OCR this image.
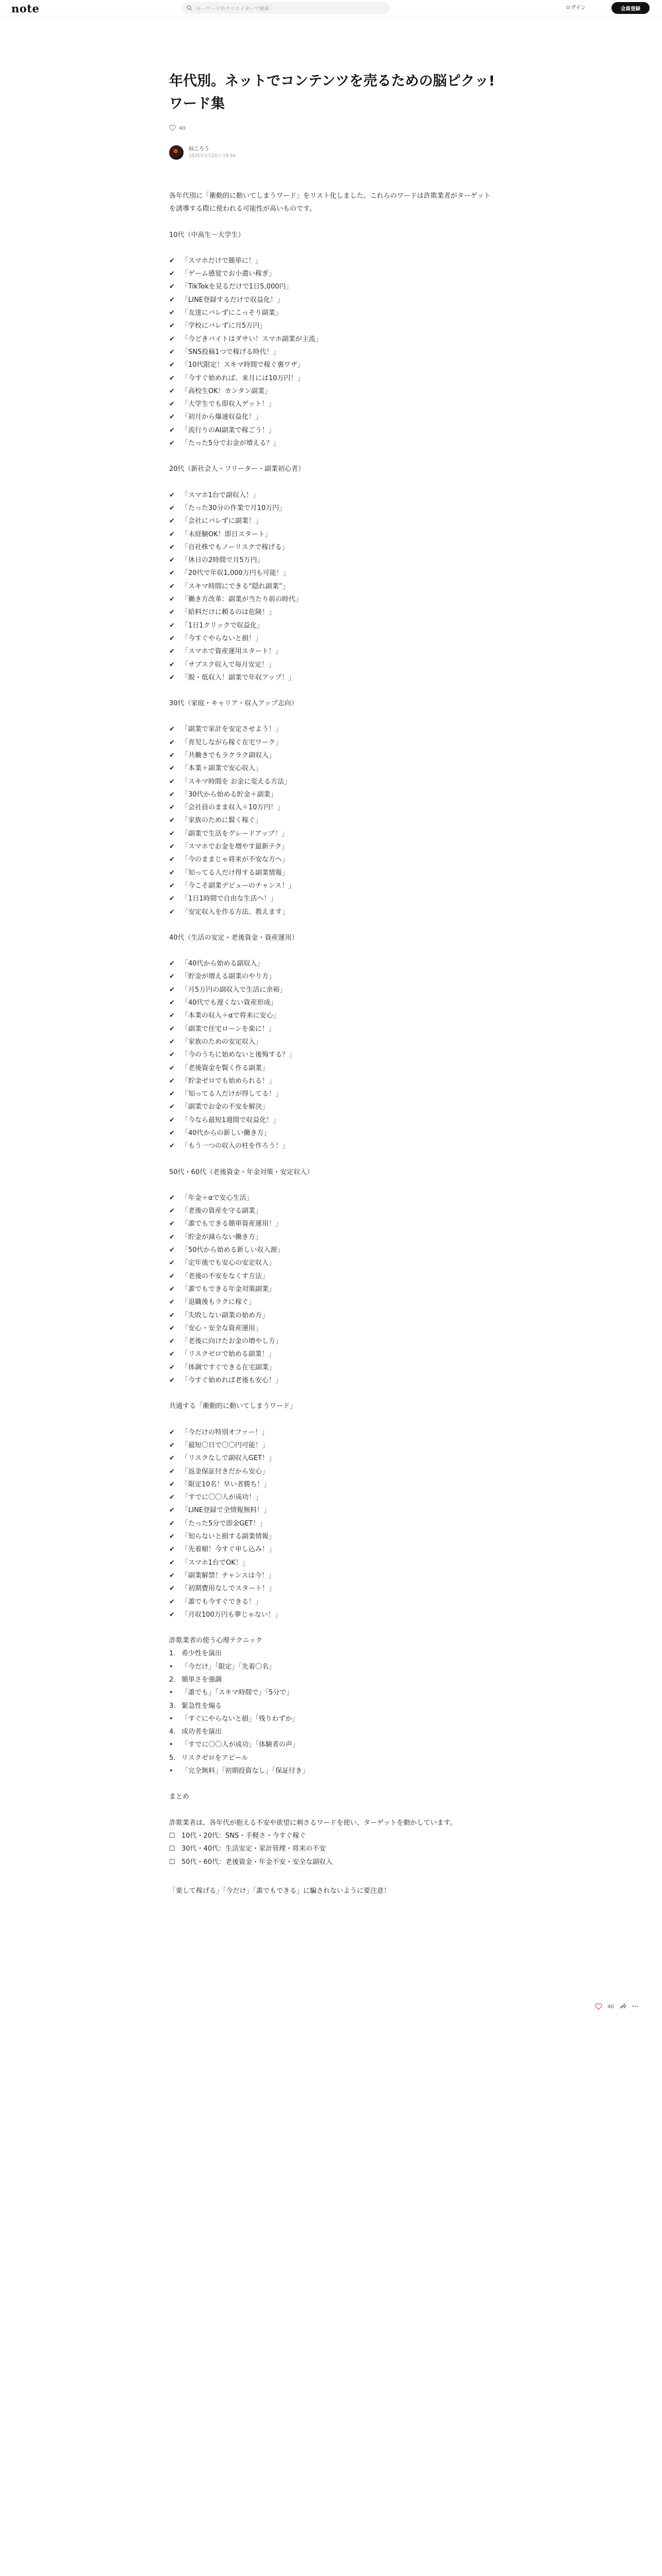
note	キーワードやクリエイターで検索	ログイン	会員登録
年代別。ネットでコンテンツを売るための脳ピクッ!ワード集
40
仙ころう
2025年3月20日 19:54

各年代別に「衝動的に動いてしまうワード」をリスト化しました。これらのワードは許欺業者がターゲットを誘導する際に使われる可能性が高いものです。

10代（中高生〜大学生）
✔	「スマホだけで簡単に！」
✔	「ゲーム感覚でお小遣い稼ぎ」
✔	「TikTokを見るだけで1日5,000円」
✔	「LINE登録するだけで収益化！」
✔	「友達にバレずにこっそり副業」
✔	「学校にバレずに月5万円」
✔	「今どきバイトはダサい！スマホ副業が主流」
✔	「SNS投稿1つで稼げる時代！」
✔	「10代限定！スキマ時間で稼ぐ裏ワザ」
✔	「今すぐ始めれば、来月には10万円！」
✔	「高校生OK！カンタン副業」
✔	「大学生でも即収入ゲット！」
✔	「初月から爆速収益化！」
✔	「流行りのAI副業で稼ごう！」
✔	「たった5分でお金が増える？」
20代（新社会人・フリーター・副業初心者）
✔	「スマホ1台で副収入！」
✔	「たった30分の作業で月10万円」
✔	「会社にバレずに副業！」
✔	「未経験OK！即日スタート」
✔	「自社株でもノーリスクで稼げる」
✔	「休日の2時間で月5万円」
✔	「20代で年収1,000万円も可能！」
✔	「スキマ時間にできる“隠れ副業”」
✔	「働き方改革：副業が当たり前の時代」
✔	「給料だけに頼るのは危険！」
✔	「1日1クリックで収益化」
✔	「今すぐやらないと損！」
✔	「スマホで資産運用スタート！」
✔	「サブスク収入で毎月安定！」
✔	「脱・低収入！副業で年収アップ！」
30代（家庭・キャリア・収入アップ志向）
✔	「副業で家計を安定させよう！」
✔	「育児しながら稼ぐ在宅ワーク」
✔	「共働きでもラクラク副収入」
✔	「本業＋副業で安心収入」
✔	「スキマ時間を お金に変える方法」
✔	「30代から始める貯金＋副業」
✔	「会社員のまま収入＋10万円！」
✔	「家族のために賢く稼ぐ」
✔	「副業で生活をグレードアップ！」
✔	「スマホでお金を増やす最新テク」
✔	「今のままじゃ将来が不安な方へ」
✔	「知ってる人だけ得する副業情報」
✔	「今こそ副業デビューのチャンス！」
✔	「1日1時間で自由な生活へ！」
✔	「安定収入を作る方法、教えます」
40代（生活の安定・老後資金・資産運用）
✔	「40代から始める副収入」
✔	「貯金が増える副業のやり方」
✔	「月5万円の副収入で生活に余裕」
✔	「40代でも遅くない資産形成」
✔	「本業の収入＋αで将来に安心」
✔	「副業で住宅ローンを楽に！」
✔	「家族のための安定収入」
✔	「今のうちに始めないと後悔する？」
✔	「老後資金を賢く作る副業」
✔	「貯金ゼロでも始められる！」
✔	「知ってる人だけが得してる！」
✔	「副業でお金の不安を解決」
✔	「今なら最短1週間で収益化！」
✔	「40代からの新しい働き方」
✔	「もう一つの収入の柱を作ろう！」
50代・60代（老後資金・年金対策・安定収入）
✔	「年金＋αで安心生活」
✔	「老後の資産を守る副業」
✔	「誰でもできる簡単資産運用！」
✔	「貯金が減らない働き方」
✔	「50代から始める新しい収入源」
✔	「定年後でも安心の安定収入」
✔	「老後の不安をなくす方法」
✔	「誰でもできる年金対策副業」
✔	「退職後もラクに稼ぐ」
✔	「失敗しない副業の始め方」
✔	「安心・安全な資産運用」
✔	「老後に向けたお金の増やし方」
✔	「リスクゼロで始める副業！」
✔	「体調ですぐできる在宅副業」
✔	「今すぐ始めれば老後も安心！」
共通する「衝動的に動いてしまうワード」
✔	「今だけの特別オファー！」
✔	「最短〇日で〇〇円可能！」
✔	「リスクなしで副収入GET！」
✔	「返金保証付きだから安心」
✔	「限定10名！早い者勝ち！」
✔	「すでに〇〇人が成功！」
✔	「LINE登録で全情報無料！」
✔	「たった5分で即金GET！」
✔	「知らないと損する副業情報」
✔	「先着順！今すぐ申し込み！」
✔	「スマホ1台でOK！」
✔	「副業解禁！チャンスは今！」
✔	「初期費用なしでスタート！」
✔	「誰でも今すぐできる！」
✔	「月収100万円も夢じゃない！」
詐欺業者の使う心理テクニック
1. 希少性を演出
•	「今だけ」「限定」「先着〇名」
2. 簡単さを強調
•	「誰でも」「スキマ時間で」「5分で」
3. 緊急性を煽る
•	「すぐにやらないと損」「残りわずか」
4. 成功者を演出
•	「すでに〇〇人が成功」「体験者の声」
5. リスクゼロをアピール
•	「完全無料」「初期投資なし」「保証付き」
まとめ

詐欺業者は、各年代が抱える不安や欲望に刺さるワードを使い、ターゲットを動かしています。

☐ 10代・20代：SNS・手軽さ・今すぐ稼ぐ
☐ 30代・40代：生活安定・家計管理・将来の不安
☐ 50代・60代：老後資金・年金不安・安全な副収入

「楽して稼げる」「今だけ」「誰でもできる」に騙されないように要注意！

40
